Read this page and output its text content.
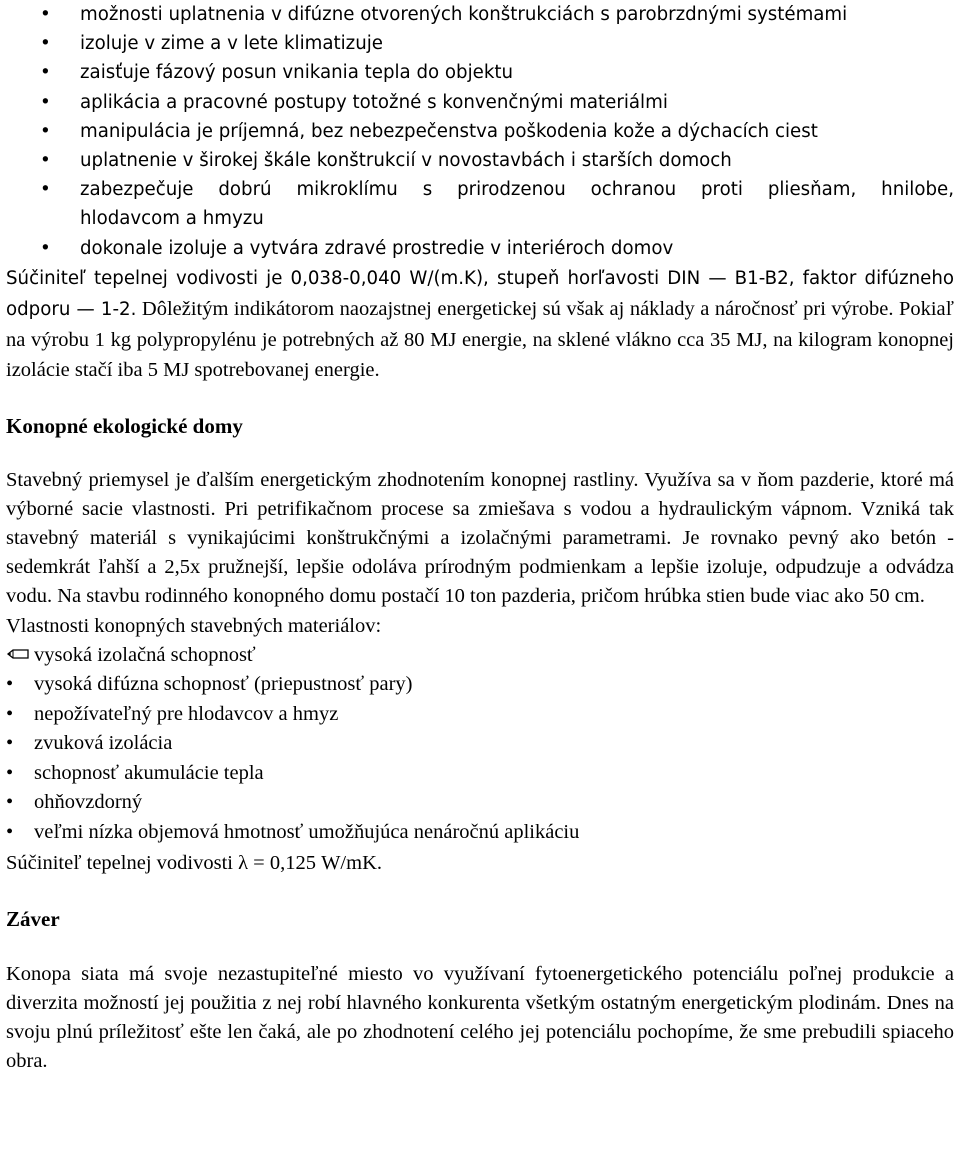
• možnosti uplatnenia v difúzne otvorených konštrukciách s parobrzdnými systémami
• izoluje v zime a v lete klimatizuje
• zaisťuje fázový posun vnikania tepla do objektu
• aplikácia a pracovné postupy totožné s konvenčnými materiálmi
• manipulácia je príjemná, bez nebezpečenstva poškodenia kože a dýchacích ciest
• uplatnenie v širokej škále konštrukcií v novostavbách i starších domoch
• zabezpečuje dobrú mikroklímu s prirodzenou ochranou proti pliesňam, hnilobe,
hlodavcom a hmyzu
• dokonale izoluje a vytvára zdravé prostredie v interiéroch domov

Súčiniteľ tepelnej vodivosti je 0,038-0,040 W/(m.K), stupeň horľavosti DIN — B1-B2, faktor difúzneho odporu — 1-2. Dôležitým indikátorom naozajstnej energetickej sú však aj náklady a náročnosť pri výrobe. Pokiaľ na výrobu 1 kg polypropylénu je potrebných až 80 MJ energie, na sklené vlákno cca 35 MJ, na kilogram konopnej izolácie stačí iba 5 MJ spotrebovanej energie.

Konopné ekologické domy

Stavebný priemysel je ďalším energetickým zhodnotením konopnej rastliny. Využíva sa v ňom pazderie, ktoré má výborné sacie vlastnosti. Pri petrifikačnom procese sa zmiešava s vodou a hydraulickým vápnom. Vzniká tak stavebný materiál s vynikajúcimi konštrukčnými a izolačnými parametrami. Je rovnako pevný ako betón - sedemkrát ľahší a 2,5x pružnejší, lepšie odoláva prírodným podmienkam a lepšie izoluje, odpudzuje a odvádza vodu. Na stavbu rodinného konopného domu postačí 10 ton pazderia, pričom hrúbka stien bude viac ako 50 cm.

Vlastnosti konopných stavebných materiálov:

vysoká izolačná schopnosť
• vysoká difúzna schopnosť (priepustnosť pary)
• nepožívateľný pre hlodavcov a hmyz
• zvuková izolácia
• schopnosť akumulácie tepla
• ohňovzdorný
• veľmi nízka objemová hmotnosť umožňujúca nenáročnú aplikáciu

Súčiniteľ tepelnej vodivosti λ = 0,125 W/mK.

Záver

Konopa siata má svoje nezastupiteľné miesto vo využívaní fytoenergetického potenciálu poľnej produkcie a diverzita možností jej použitia z nej robí hlavného konkurenta všetkým ostatným energetickým plodinám. Dnes na svoju plnú príležitosť ešte len čaká, ale po zhodnotení celého jej potenciálu pochopíme, že sme prebudili spiaceho obra.
